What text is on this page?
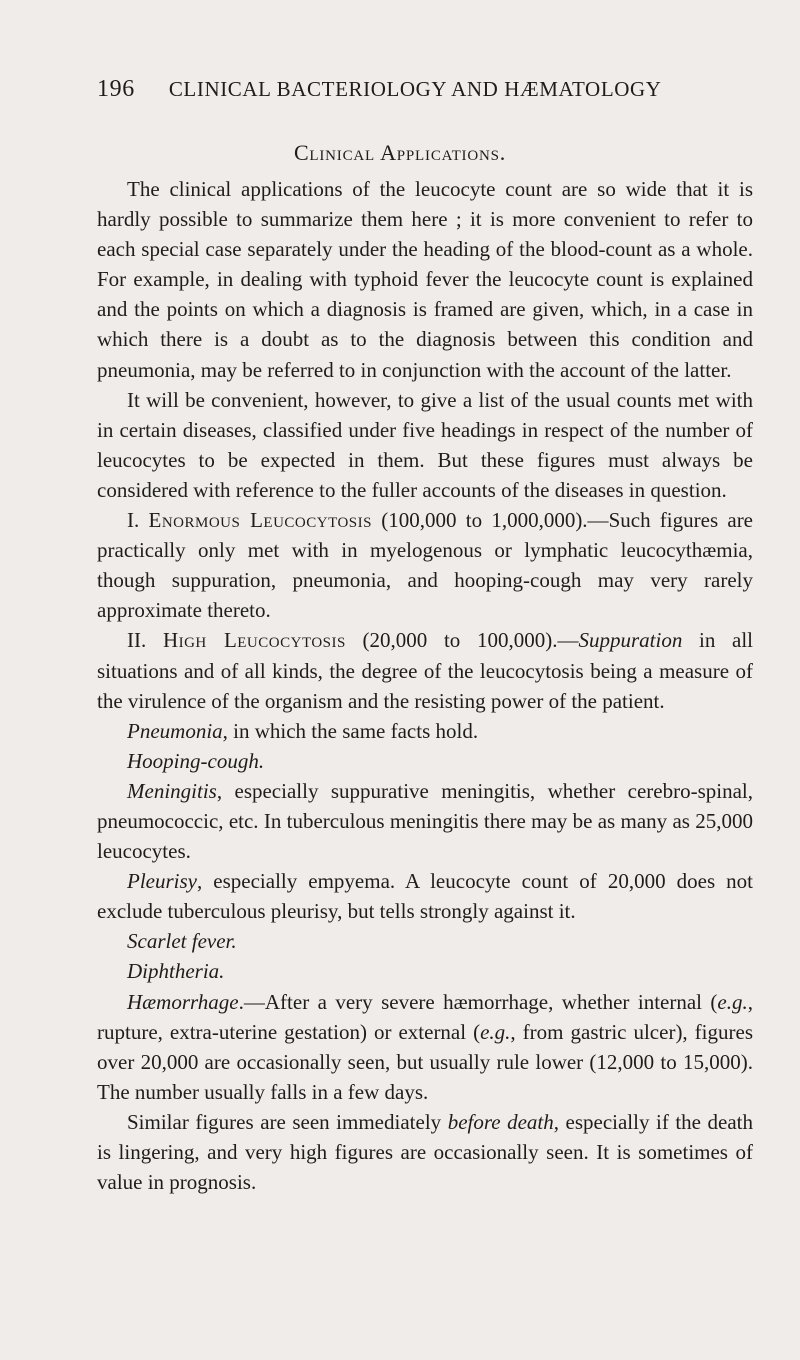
196 CLINICAL BACTERIOLOGY AND HÆMATOLOGY
Clinical Applications.

The clinical applications of the leucocyte count are so wide that it is hardly possible to summarize them here ; it is more convenient to refer to each special case separately under the heading of the blood-count as a whole. For example, in dealing with typhoid fever the leucocyte count is explained and the points on which a diagnosis is framed are given, which, in a case in which there is a doubt as to the diagnosis between this condition and pneumonia, may be referred to in conjunction with the account of the latter.

It will be convenient, however, to give a list of the usual counts met with in certain diseases, classified under five headings in respect of the number of leucocytes to be expected in them. But these figures must always be considered with reference to the fuller accounts of the diseases in question.

I. Enormous Leucocytosis (100,000 to 1,000,000).—Such figures are practically only met with in myelogenous or lymphatic leucocythæmia, though suppuration, pneumonia, and hooping-cough may very rarely approximate thereto.

II. High Leucocytosis (20,000 to 100,000).—Suppuration in all situations and of all kinds, the degree of the leucocytosis being a measure of the virulence of the organism and the resisting power of the patient.

Pneumonia, in which the same facts hold.

Hooping-cough.

Meningitis, especially suppurative meningitis, whether cerebro-spinal, pneumococcic, etc. In tuberculous meningitis there may be as many as 25,000 leucocytes.

Pleurisy, especially empyema. A leucocyte count of 20,000 does not exclude tuberculous pleurisy, but tells strongly against it.

Scarlet fever.

Diphtheria.

Hæmorrhage.—After a very severe hæmorrhage, whether internal (e.g., rupture, extra-uterine gestation) or external (e.g., from gastric ulcer), figures over 20,000 are occasionally seen, but usually rule lower (12,000 to 15,000). The number usually falls in a few days.

Similar figures are seen immediately before death, especially if the death is lingering, and very high figures are occasionally seen. It is sometimes of value in prognosis.
